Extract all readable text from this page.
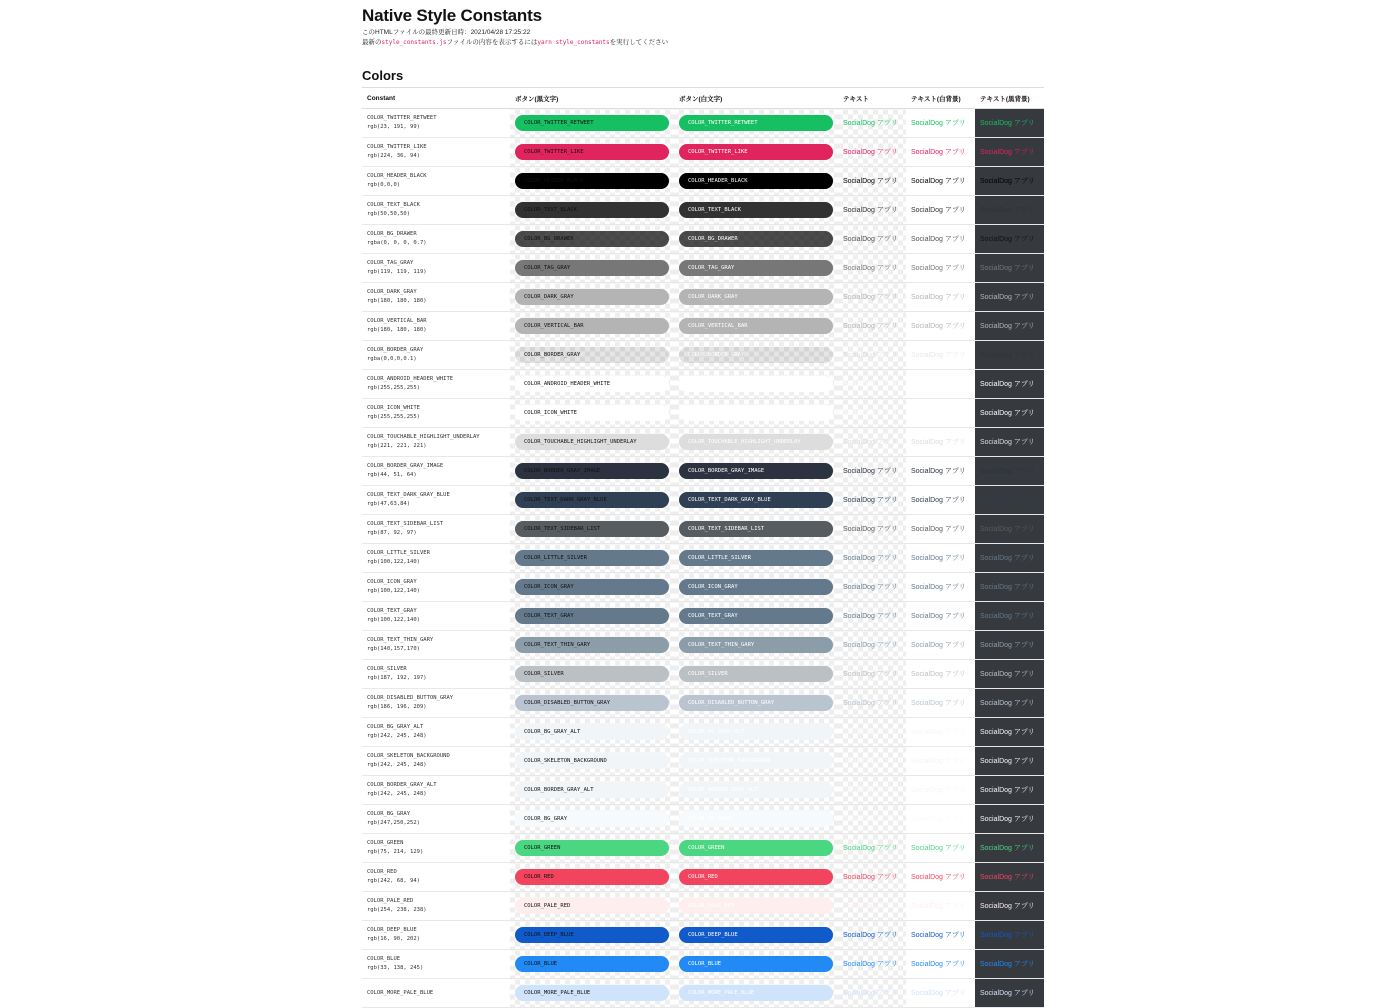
Native Style Constants
このHTMLファイルの最終更新日時：2021/04/28 17:25:22
最新のstyle_constants.jsファイルの内容を表示するにはyarn style_constantsを実行してください
Colors
Constant	ボタン(黒文字)	ボタン(白文字)	テキスト	テキスト(白背景)	テキスト(黒背景)

COLOR_TWITTER_RETWEET
rgb(23, 191, 99)	COLOR_TWITTER_RETWEET	COLOR_TWITTER_RETWEET	SocialDog アプリ	SocialDog アプリ	SocialDog アプリ

COLOR_TWITTER_LIKE
rgb(224, 36, 94)	COLOR_TWITTER_LIKE	COLOR_TWITTER_LIKE	SocialDog アプリ	SocialDog アプリ	SocialDog アプリ

COLOR_HEADER_BLACK
rgb(0,0,0)	COLOR_HEADER_BLACK	COLOR_HEADER_BLACK	SocialDog アプリ	SocialDog アプリ	SocialDog アプリ

COLOR_TEXT_BLACK
rgb(50,50,50)	COLOR_TEXT_BLACK	COLOR_TEXT_BLACK	SocialDog アプリ	SocialDog アプリ	SocialDog アプリ

COLOR_BG_DRAWER
rgba(0, 0, 0, 0.7)	COLOR_BG_DRAWER	COLOR_BG_DRAWER	SocialDog アプリ	SocialDog アプリ	SocialDog アプリ

COLOR_TAG_GRAY
rgb(119, 119, 119)	COLOR_TAG_GRAY	COLOR_TAG_GRAY	SocialDog アプリ	SocialDog アプリ	SocialDog アプリ

COLOR_DARK_GRAY
rgb(180, 180, 180)	COLOR_DARK_GRAY	COLOR_DARK_GRAY	SocialDog アプリ	SocialDog アプリ	SocialDog アプリ

COLOR_VERTICAL_BAR
rgb(180, 180, 180)	COLOR_VERTICAL_BAR	COLOR_VERTICAL_BAR	SocialDog アプリ	SocialDog アプリ	SocialDog アプリ

COLOR_BORDER_GRAY
rgba(0,0,0,0.1)	COLOR_BORDER_GRAY	COLOR_BORDER_GRAY	SocialDog アプリ	SocialDog アプリ	SocialDog アプリ

COLOR_ANDROID_HEADER_WHITE
rgb(255,255,255)	COLOR_ANDROID_HEADER_WHITE	COLOR_ANDROID_HEADER_WHITE	SocialDog アプリ	SocialDog アプリ	SocialDog アプリ

COLOR_ICON_WHITE
rgb(255,255,255)	COLOR_ICON_WHITE	COLOR_ICON_WHITE	SocialDog アプリ	SocialDog アプリ	SocialDog アプリ

COLOR_TOUCHABLE_HIGHLIGHT_UNDERLAY
rgb(221, 221, 221)	COLOR_TOUCHABLE_HIGHLIGHT_UNDERLAY	COLOR_TOUCHABLE_HIGHLIGHT_UNDERLAY	SocialDog アプリ	SocialDog アプリ	SocialDog アプリ

COLOR_BORDER_GRAY_IMAGE
rgb(44, 51, 64)	COLOR_BORDER_GRAY_IMAGE	COLOR_BORDER_GRAY_IMAGE	SocialDog アプリ	SocialDog アプリ	SocialDog アプリ

COLOR_TEXT_DARK_GRAY_BLUE
rgb(47,63,84)	COLOR_TEXT_DARK_GRAY_BLUE	COLOR_TEXT_DARK_GRAY_BLUE	SocialDog アプリ	SocialDog アプリ	SocialDog アプリ

COLOR_TEXT_SIDEBAR_LIST
rgb(87, 92, 97)	COLOR_TEXT_SIDEBAR_LIST	COLOR_TEXT_SIDEBAR_LIST	SocialDog アプリ	SocialDog アプリ	SocialDog アプリ

COLOR_LITTLE_SILVER
rgb(100,122,140)	COLOR_LITTLE_SILVER	COLOR_LITTLE_SILVER	SocialDog アプリ	SocialDog アプリ	SocialDog アプリ

COLOR_ICON_GRAY
rgb(100,122,140)	COLOR_ICON_GRAY	COLOR_ICON_GRAY	SocialDog アプリ	SocialDog アプリ	SocialDog アプリ

COLOR_TEXT_GRAY
rgb(100,122,140)	COLOR_TEXT_GRAY	COLOR_TEXT_GRAY	SocialDog アプリ	SocialDog アプリ	SocialDog アプリ

COLOR_TEXT_THIN_GARY
rgb(140,157,170)	COLOR_TEXT_THIN_GARY	COLOR_TEXT_THIN_GARY	SocialDog アプリ	SocialDog アプリ	SocialDog アプリ

COLOR_SILVER
rgb(187, 192, 197)	COLOR_SILVER	COLOR_SILVER	SocialDog アプリ	SocialDog アプリ	SocialDog アプリ

COLOR_DISABLED_BUTTON_GRAY
rgb(186, 196, 209)	COLOR_DISABLED_BUTTON_GRAY	COLOR_DISABLED_BUTTON_GRAY	SocialDog アプリ	SocialDog アプリ	SocialDog アプリ

COLOR_BG_GRAY_ALT
rgb(242, 245, 248)	COLOR_BG_GRAY_ALT	COLOR_BG_GRAY_ALT	SocialDog アプリ	SocialDog アプリ	SocialDog アプリ

COLOR_SKELETON_BACKGROUND
rgb(242, 245, 248)	COLOR_SKELETON_BACKGROUND	COLOR_SKELETON_BACKGROUND	SocialDog アプリ	SocialDog アプリ	SocialDog アプリ

COLOR_BORDER_GRAY_ALT
rgb(242, 245, 248)	COLOR_BORDER_GRAY_ALT	COLOR_BORDER_GRAY_ALT	SocialDog アプリ	SocialDog アプリ	SocialDog アプリ

COLOR_BG_GRAY
rgb(247,250,252)	COLOR_BG_GRAY	COLOR_BG_GRAY	SocialDog アプリ	SocialDog アプリ	SocialDog アプリ

COLOR_GREEN
rgb(75, 214, 129)	COLOR_GREEN	COLOR_GREEN	SocialDog アプリ	SocialDog アプリ	SocialDog アプリ

COLOR_RED
rgb(242, 68, 94)	COLOR_RED	COLOR_RED	SocialDog アプリ	SocialDog アプリ	SocialDog アプリ

COLOR_PALE_RED
rgb(254, 238, 238)	COLOR_PALE_RED	COLOR_PALE_RED	SocialDog アプリ	SocialDog アプリ	SocialDog アプリ

COLOR_DEEP_BLUE
rgb(16, 90, 202)	COLOR_DEEP_BLUE	COLOR_DEEP_BLUE	SocialDog アプリ	SocialDog アプリ	SocialDog アプリ

COLOR_BLUE
rgb(33, 138, 245)	COLOR_BLUE	COLOR_BLUE	SocialDog アプリ	SocialDog アプリ	SocialDog アプリ

COLOR_MORE_PALE_BLUE	COLOR_MORE_PALE_BLUE	COLOR_MORE_PALE_BLUE	SocialDog アプリ	SocialDog アプリ	SocialDog アプリ
